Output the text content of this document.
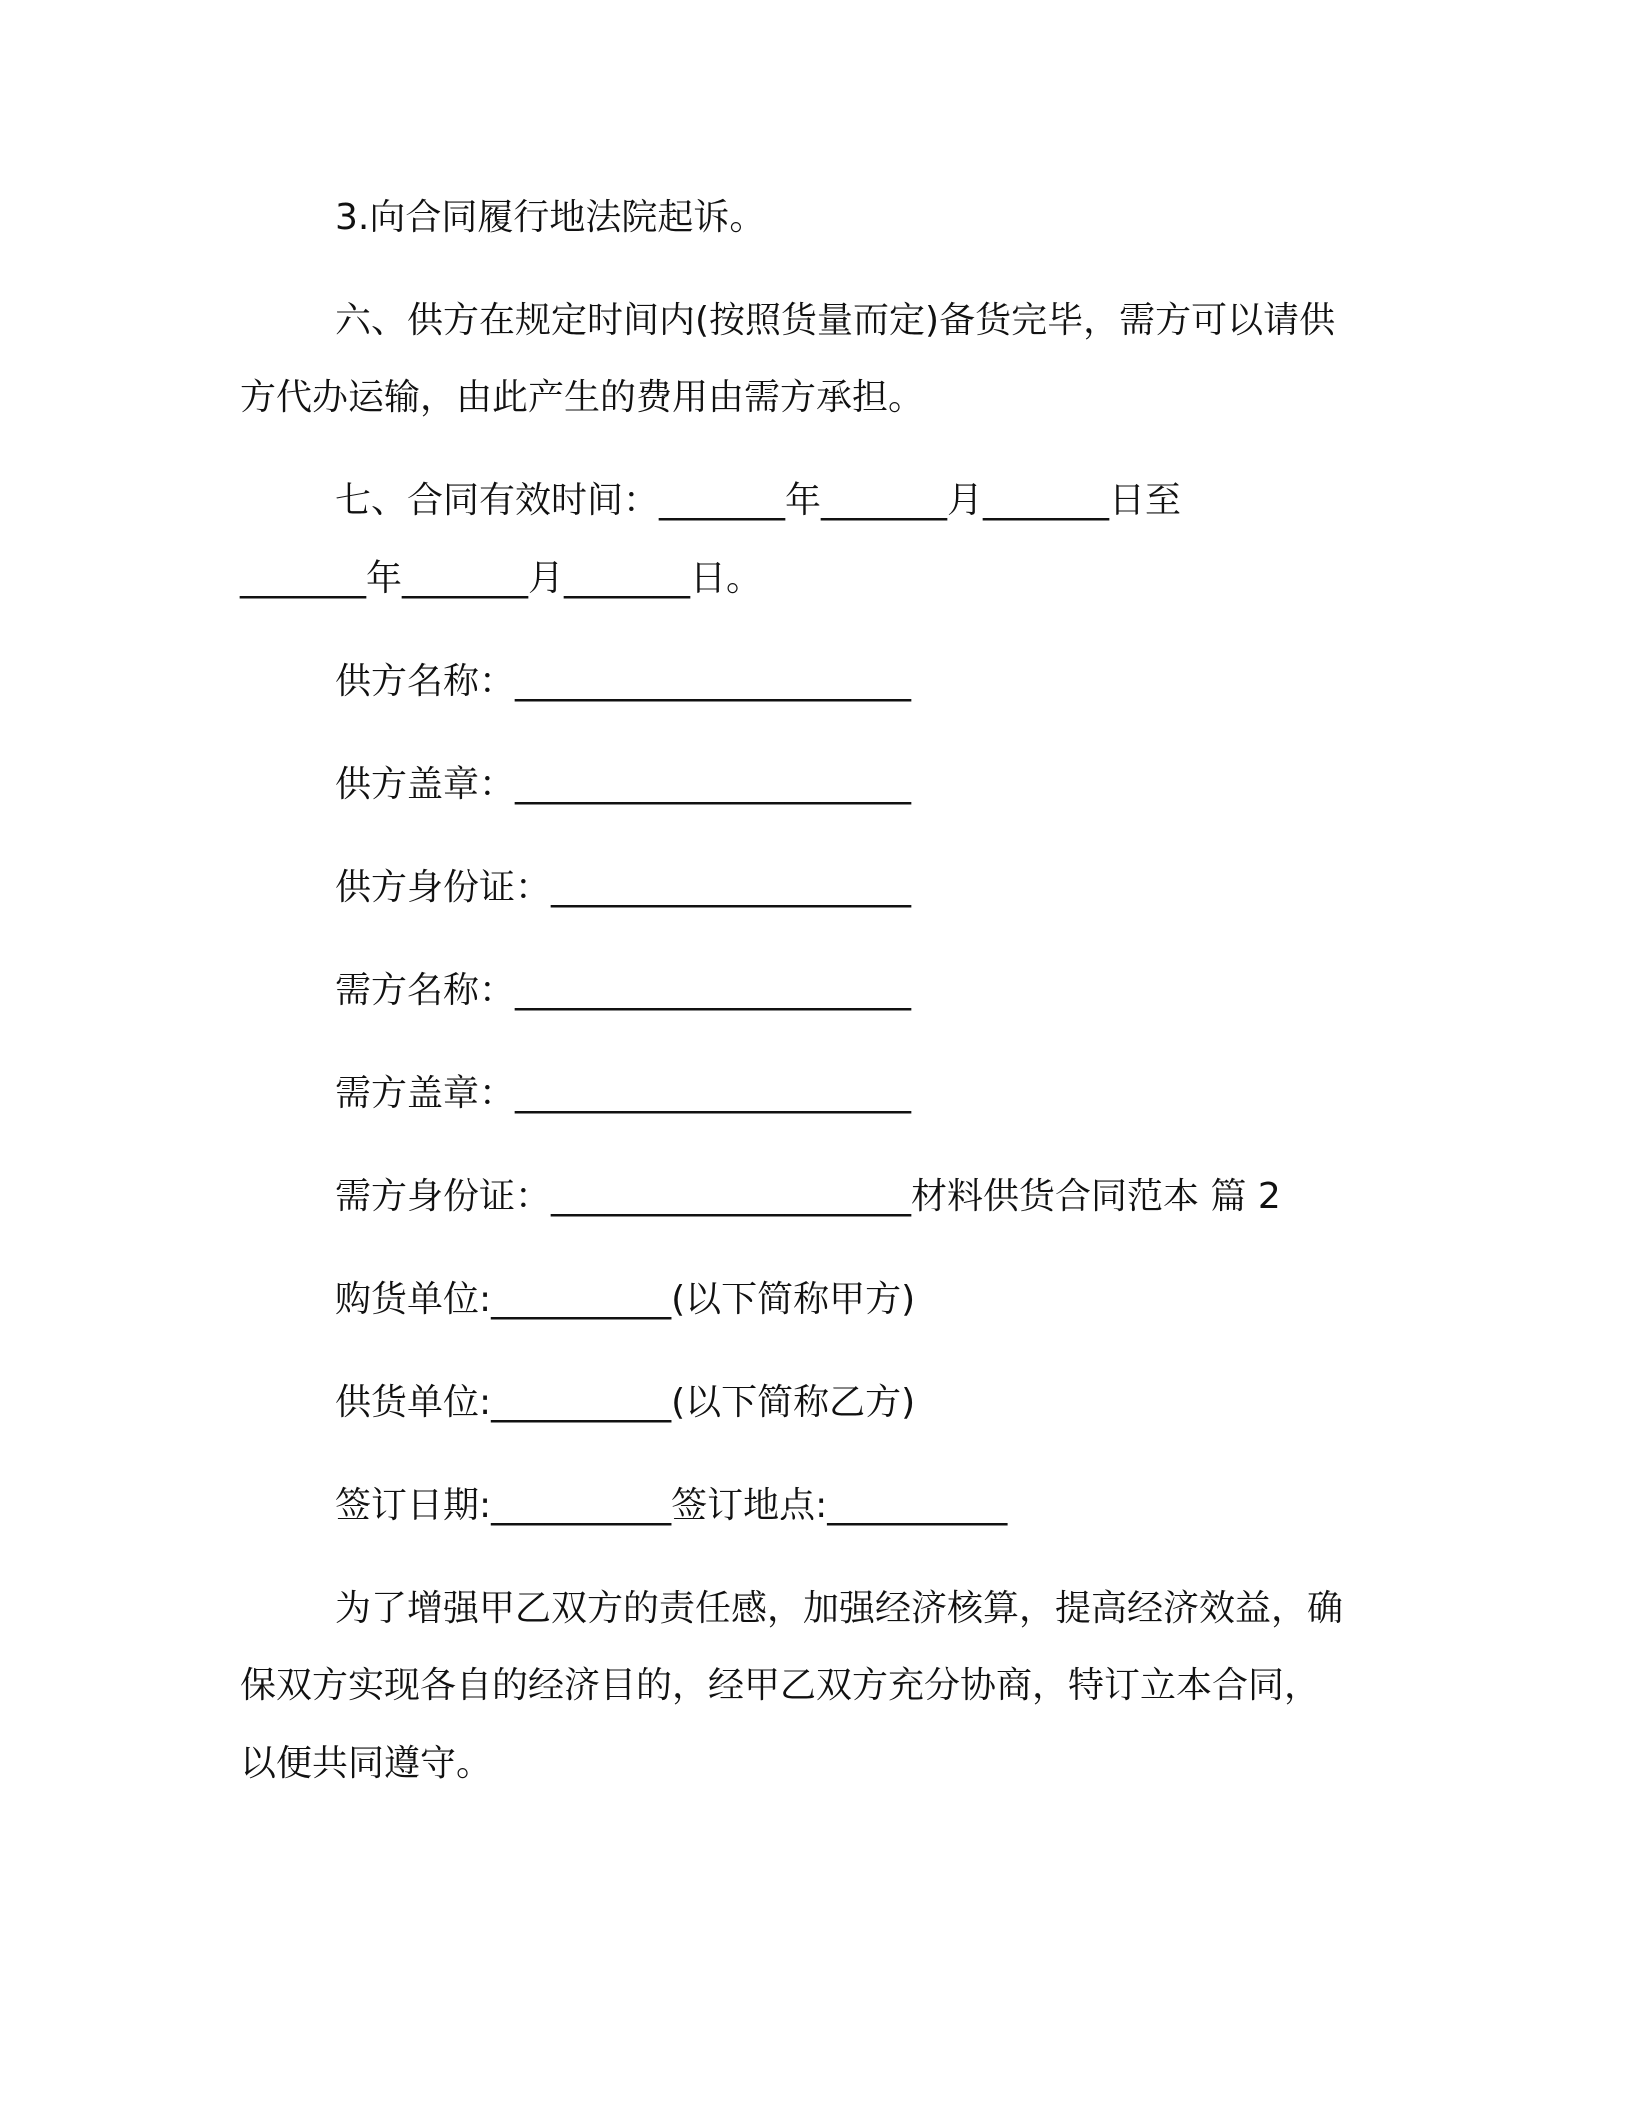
3.向合同履行地法院起诉。
六、供方在规定时间内(按照货量而定)备货完毕，需方可以请供
方代办运输，由此产生的费用由需方承担。
七、合同有效时间：_______年_______月_______日至
_______年_______月_______日。
供方名称：______________________
供方盖章：______________________
供方身份证：____________________
需方名称：______________________
需方盖章：______________________
需方身份证：____________________材料供货合同范本 篇 2
购货单位:__________(以下简称甲方)
供货单位:__________(以下简称乙方)
签订日期:__________签订地点:__________
为了增强甲乙双方的责任感，加强经济核算，提高经济效益，确
保双方实现各自的经济目的，经甲乙双方充分协商，特订立本合同，
以便共同遵守。
